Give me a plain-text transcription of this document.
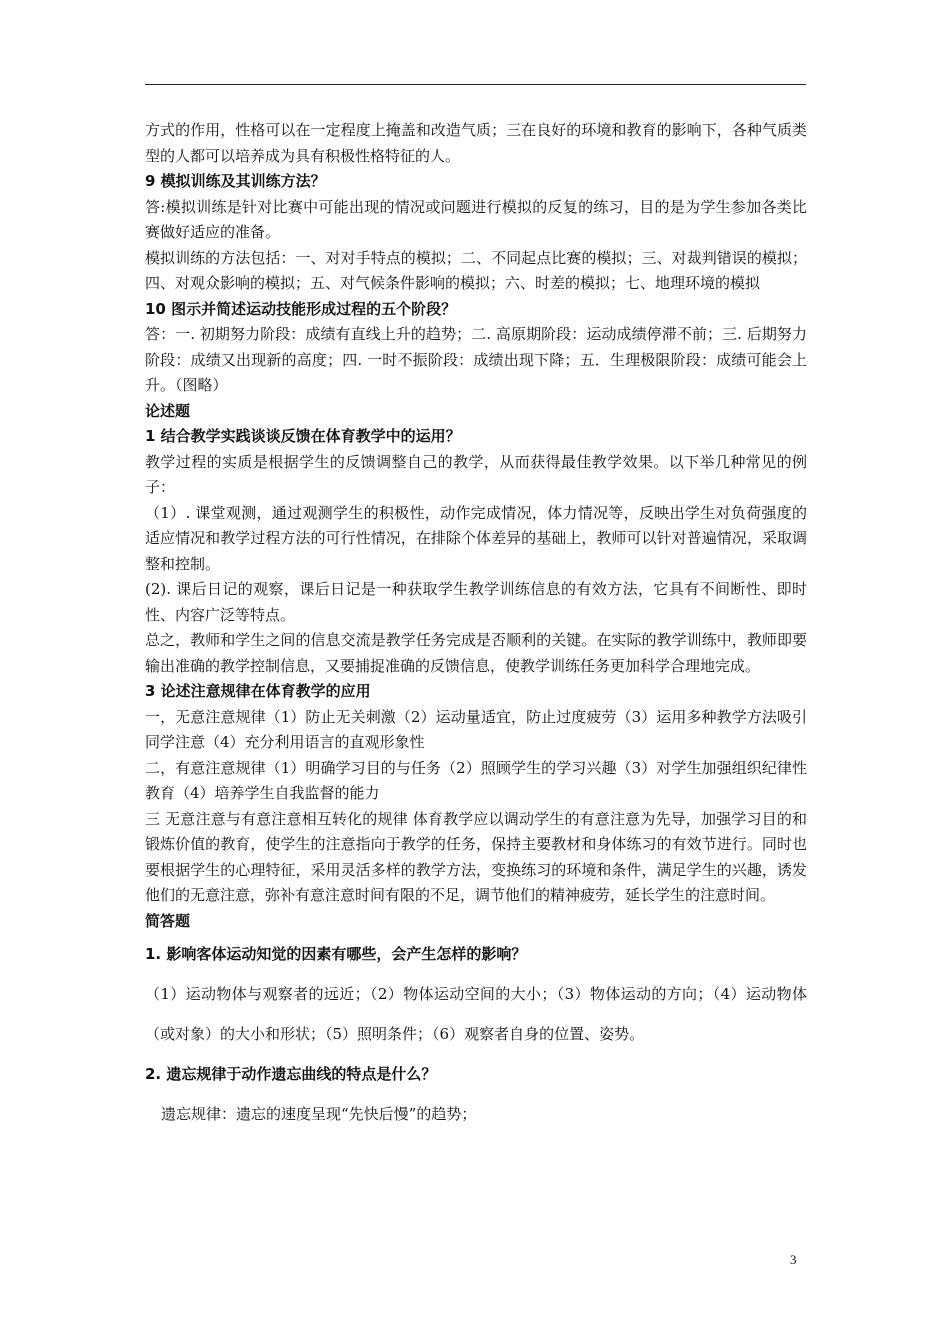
方式的作用，性格可以在一定程度上掩盖和改造气质；三在良好的环境和教育的影响下，各种气质类型的人都可以培养成为具有积极性格特征的人。

9 模拟训练及其训练方法？

答:模拟训练是针对比赛中可能出现的情况或问题进行模拟的反复的练习，目的是为学生参加各类比赛做好适应的准备。

模拟训练的方法包括：一、对对手特点的模拟；二、不同起点比赛的模拟；三、对裁判错误的模拟；四、对观众影响的模拟；五、对气候条件影响的模拟；六、时差的模拟；七、地理环境的模拟

10 图示并简述运动技能形成过程的五个阶段？

答：一. 初期努力阶段：成绩有直线上升的趋势；二. 高原期阶段：运动成绩停滞不前；三. 后期努力阶段：成绩又出现新的高度；四. 一时不振阶段：成绩出现下降；五．生理极限阶段：成绩可能会上升。（图略）

论述题

1 结合教学实践谈谈反馈在体育教学中的运用？

教学过程的实质是根据学生的反馈调整自己的教学，从而获得最佳教学效果。以下举几种常见的例子：

（1）. 课堂观测，通过观测学生的积极性，动作完成情况，体力情况等，反映出学生对负荷强度的适应情况和教学过程方法的可行性情况，在排除个体差异的基础上，教师可以针对普遍情况，采取调整和控制。

(2). 课后日记的观察，课后日记是一种获取学生教学训练信息的有效方法，它具有不间断性、即时性、内容广泛等特点。

总之，教师和学生之间的信息交流是教学任务完成是否顺利的关键。在实际的教学训练中，教师即要输出准确的教学控制信息，又要捕捉准确的反馈信息，使教学训练任务更加科学合理地完成。

3 论述注意规律在体育教学的应用

一，无意注意规律（1）防止无关刺激（2）运动量适宜，防止过度疲劳（3）运用多种教学方法吸引同学注意（4）充分利用语言的直观形象性

二，有意注意规律（1）明确学习目的与任务（2）照顾学生的学习兴趣（3）对学生加强组织纪律性教育（4）培养学生自我监督的能力

三 无意注意与有意注意相互转化的规律 体育教学应以调动学生的有意注意为先导，加强学习目的和锻炼价值的教育，使学生的注意指向于教学的任务，保持主要教材和身体练习的有效节进行。同时也要根据学生的心理特征，采用灵活多样的教学方法，变换练习的环境和条件，满足学生的兴趣，诱发他们的无意注意，弥补有意注意时间有限的不足，调节他们的精神疲劳，延长学生的注意时间。

简答题

1. 影响客体运动知觉的因素有哪些，会产生怎样的影响？

（1）运动物体与观察者的远近；（2）物体运动空间的大小；（3）物体运动的方向；（4）运动物体（或对象）的大小和形状；（5）照明条件；（6）观察者自身的位置、姿势。

2. 遗忘规律于动作遗忘曲线的特点是什么？

遗忘规律：遗忘的速度呈现“先快后慢”的趋势；

3
